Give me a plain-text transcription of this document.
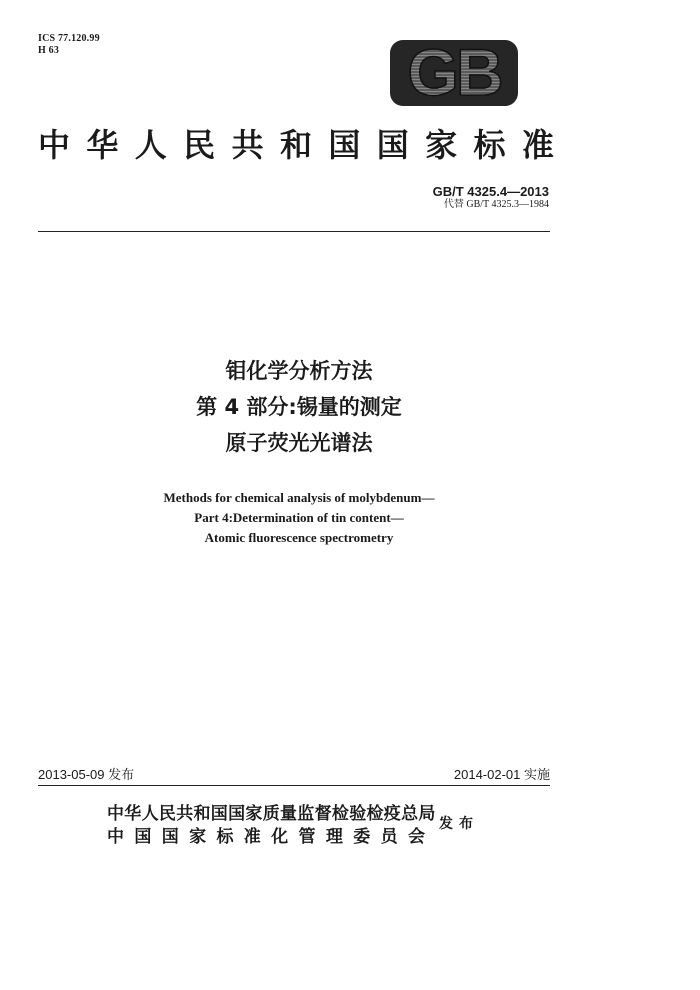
ICS 77.120.99
H 63	GB
中 华 人 民 共 和 国 国 家 标 准
GB/T 4325.4—2013
代替 GB/T 4325.3—1984
钼化学分析方法
第 4 部分:锡量的测定
原子荧光光谱法
Methods for chemical analysis of molybdenum—
Part 4:Determination of tin content—
Atomic fluorescence spectrometry
2013-05-09 发布	2014-02-01 实施
中华人民共和国国家质量监督检验检疫总局
中 国 国 家 标 准 化 管 理 委 员 会
发布
